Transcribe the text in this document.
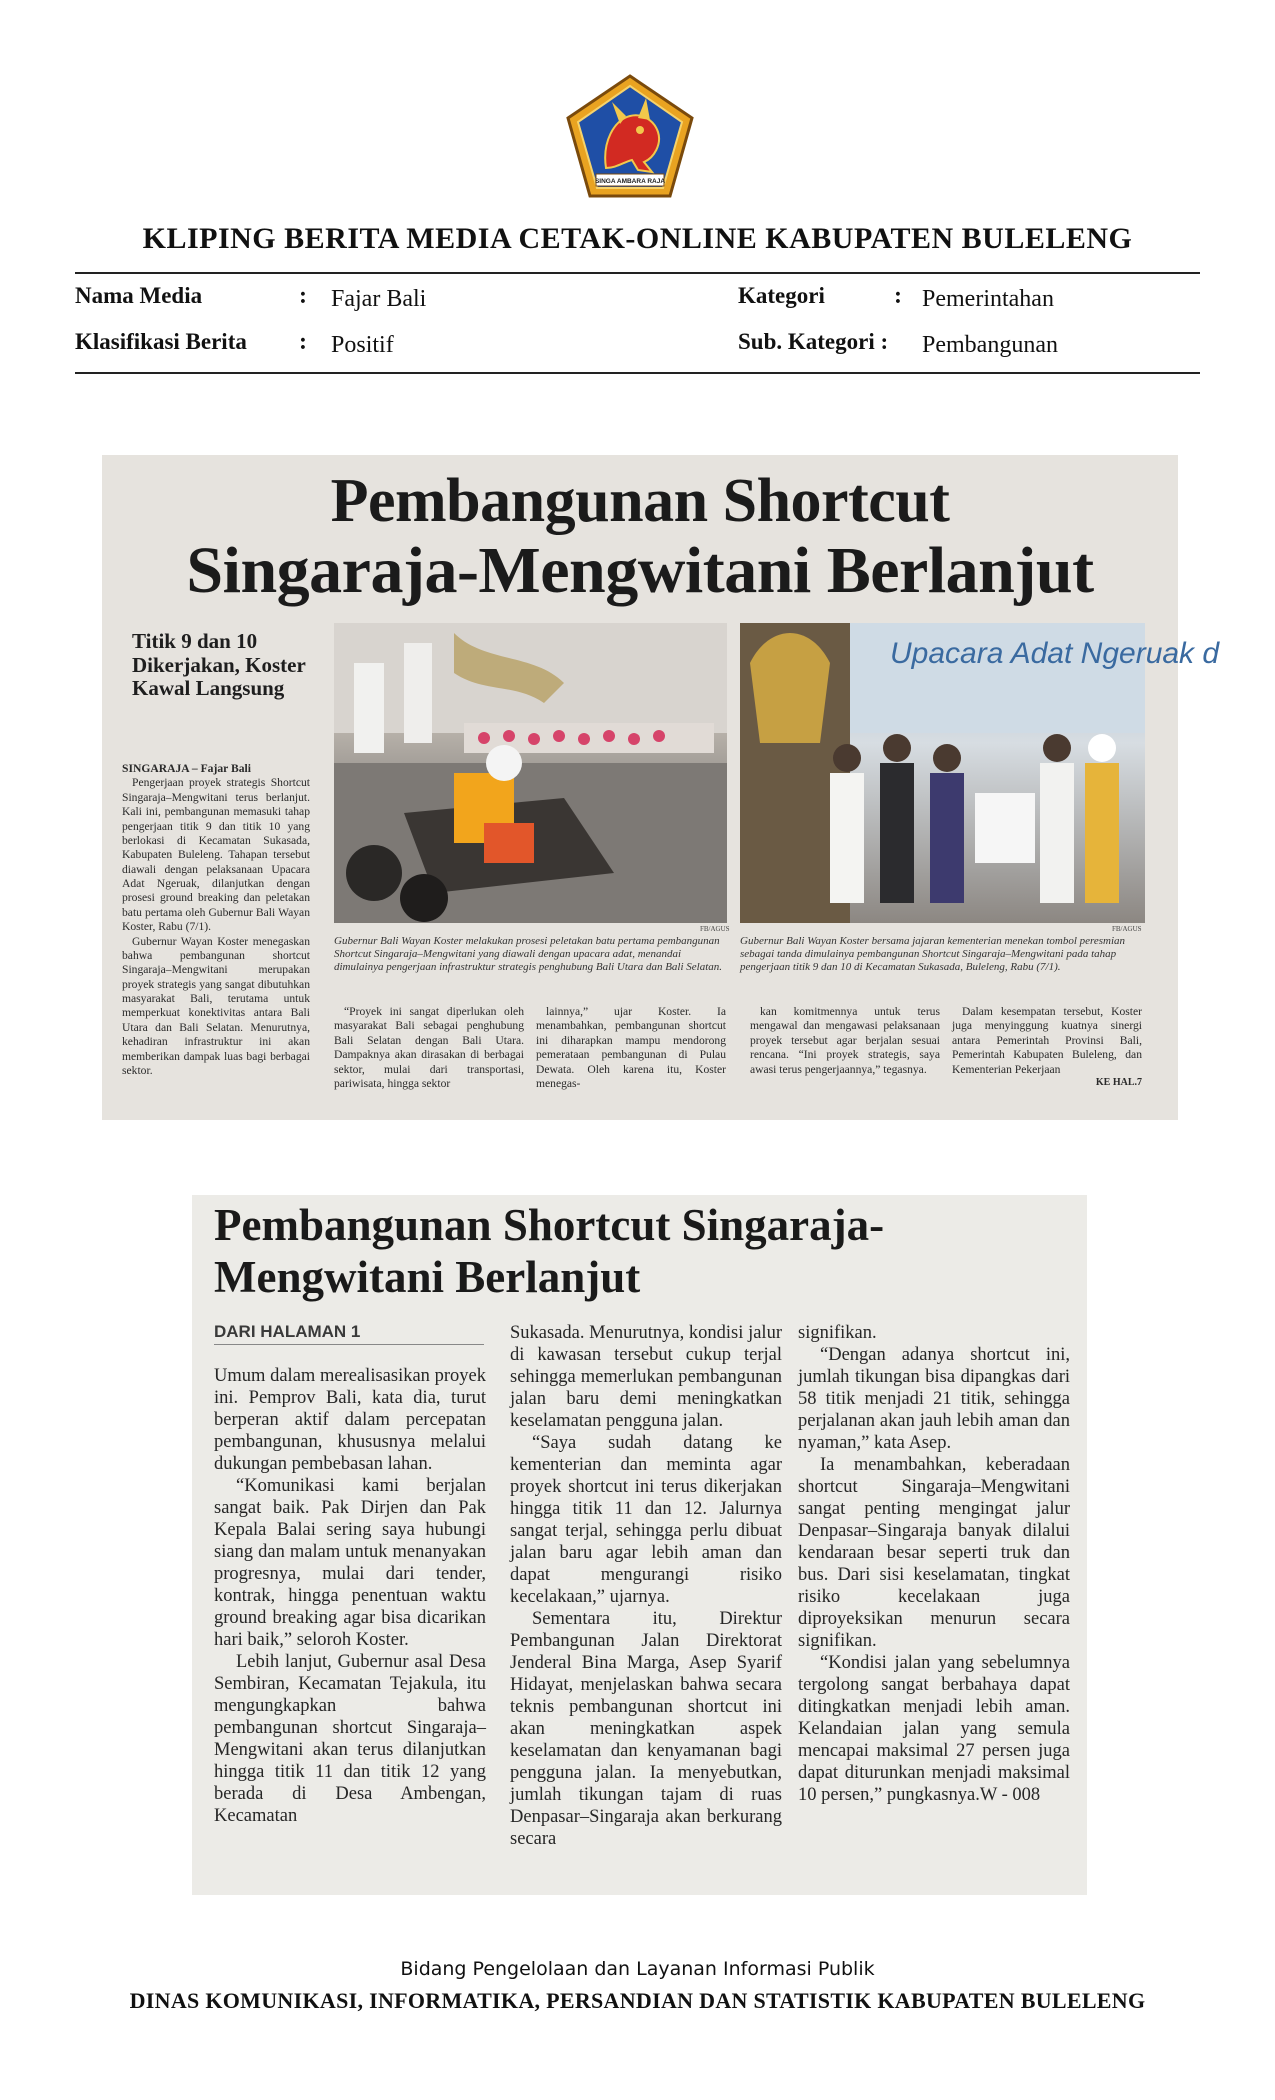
SINGA AMBARA RAJA
KLIPING BERITA MEDIA CETAK-ONLINE KABUPATEN BULELENG
Nama Media	: Fajar Bali	Kategori	: Pemerintahan
Klasifikasi Berita : Positif	Sub. Kategori : Pembangunan
Pembangunan Shortcut
Singaraja-Mengwitani Berlanjut
Titik 9 dan 10 Dikerjakan, Koster Kawal Langsung
SINGARAJA – Fajar Bali

Pengerjaan proyek strategis Shortcut Singaraja–Mengwitani terus berlanjut. Kali ini, pembangunan memasuki tahap pengerjaan titik 9 dan titik 10 yang berlokasi di Kecamatan Sukasada, Kabupaten Buleleng. Tahapan tersebut diawali dengan pelaksanaan Upacara Adat Ngeruak, dilanjutkan dengan prosesi ground breaking dan peletakan batu pertama oleh Gubernur Bali Wayan Koster, Rabu (7/1).

Gubernur Wayan Koster menegaskan bahwa pembangunan shortcut Singaraja–Mengwitani merupakan proyek strategis yang sangat dibutuhkan masyarakat Bali, terutama untuk memperkuat konektivitas antara Bali Utara dan Bali Selatan. Menurutnya, kehadiran infrastruktur ini akan memberikan dampak luas bagi berbagai sektor.

FB/AGUS
Gubernur Bali Wayan Koster melakukan prosesi peletakan batu pertama pembangunan Shortcut Singaraja–Mengwitani yang diawali dengan upacara adat, menandai dimulainya pengerjaan infrastruktur strategis penghubung Bali Utara dan Bali Selatan.
Upacara Adat Ngeruak d
FB/AGUS
Gubernur Bali Wayan Koster bersama jajaran kementerian menekan tombol peresmian sebagai tanda dimulainya pembangunan Shortcut Singaraja–Mengwitani pada tahap pengerjaan titik 9 dan 10 di Kecamatan Sukasada, Buleleng, Rabu (7/1).

“Proyek ini sangat diperlukan oleh masyarakat Bali sebagai penghubung Bali Selatan dengan Bali Utara. Dampaknya akan dirasakan di berbagai sektor, mulai dari transportasi, pariwisata, hingga sektor

lainnya,” ujar Koster. Ia menambahkan, pembangunan shortcut ini diharapkan mampu mendorong pemerataan pembangunan di Pulau Dewata. Oleh karena itu, Koster menegas-

kan komitmennya untuk terus mengawal dan mengawasi pelaksanaan proyek tersebut agar berjalan sesuai rencana. “Ini proyek strategis, saya awasi terus pengerjaannya,” tegasnya.

Dalam kesempatan tersebut, Koster juga menyinggung kuatnya sinergi antara Pemerintah Provinsi Bali, Pemerintah Kabupaten Buleleng, dan Kementerian Pekerjaan

KE HAL.7
Pembangunan Shortcut Singaraja-
Mengwitani Berlanjut
DARI HALAMAN 1

Umum dalam merealisasikan proyek ini. Pemprov Bali, kata dia, turut berperan aktif dalam percepatan pembangunan, khususnya melalui dukungan pembebasan lahan.

“Komunikasi kami berjalan sangat baik. Pak Dirjen dan Pak Kepala Balai sering saya hubungi siang dan malam untuk menanyakan progresnya, mulai dari tender, kontrak, hingga penentuan waktu ground breaking agar bisa dicarikan hari baik,” seloroh Koster.

Lebih lanjut, Gubernur asal Desa Sembiran, Kecamatan Tejakula, itu mengungkapkan bahwa pembangunan shortcut Singaraja–Mengwitani akan terus dilanjutkan hingga titik 11 dan titik 12 yang berada di Desa Ambengan, Kecamatan

Sukasada. Menurutnya, kondisi jalur di kawasan tersebut cukup terjal sehingga memerlukan pembangunan jalan baru demi meningkatkan keselamatan pengguna jalan.

“Saya sudah datang ke kementerian dan meminta agar proyek shortcut ini terus dikerjakan hingga titik 11 dan 12. Jalurnya sangat terjal, sehingga perlu dibuat jalan baru agar lebih aman dan dapat mengurangi risiko kecelakaan,” ujarnya.

Sementara itu, Direktur Pembangunan Jalan Direktorat Jenderal Bina Marga, Asep Syarif Hidayat, menjelaskan bahwa secara teknis pembangunan shortcut ini akan meningkatkan aspek keselamatan dan kenyamanan bagi pengguna jalan. Ia menyebutkan, jumlah tikungan tajam di ruas Denpasar–Singaraja akan berkurang secara

signifikan.

“Dengan adanya shortcut ini, jumlah tikungan bisa dipangkas dari 58 titik menjadi 21 titik, sehingga perjalanan akan jauh lebih aman dan nyaman,” kata Asep.

Ia menambahkan, keberadaan shortcut Singaraja–Mengwitani sangat penting mengingat jalur Denpasar–Singaraja banyak dilalui kendaraan besar seperti truk dan bus. Dari sisi keselamatan, tingkat risiko kecelakaan juga diproyeksikan menurun secara signifikan.

“Kondisi jalan yang sebelumnya tergolong sangat berbahaya dapat ditingkatkan menjadi lebih aman. Kelandaian jalan yang semula mencapai maksimal 27 persen juga dapat diturunkan menjadi maksimal 10 persen,” pungkasnya.W - 008

Bidang Pengelolaan dan Layanan Informasi Publik
DINAS KOMUNIKASI, INFORMATIKA, PERSANDIAN DAN STATISTIK KABUPATEN BULELENG
